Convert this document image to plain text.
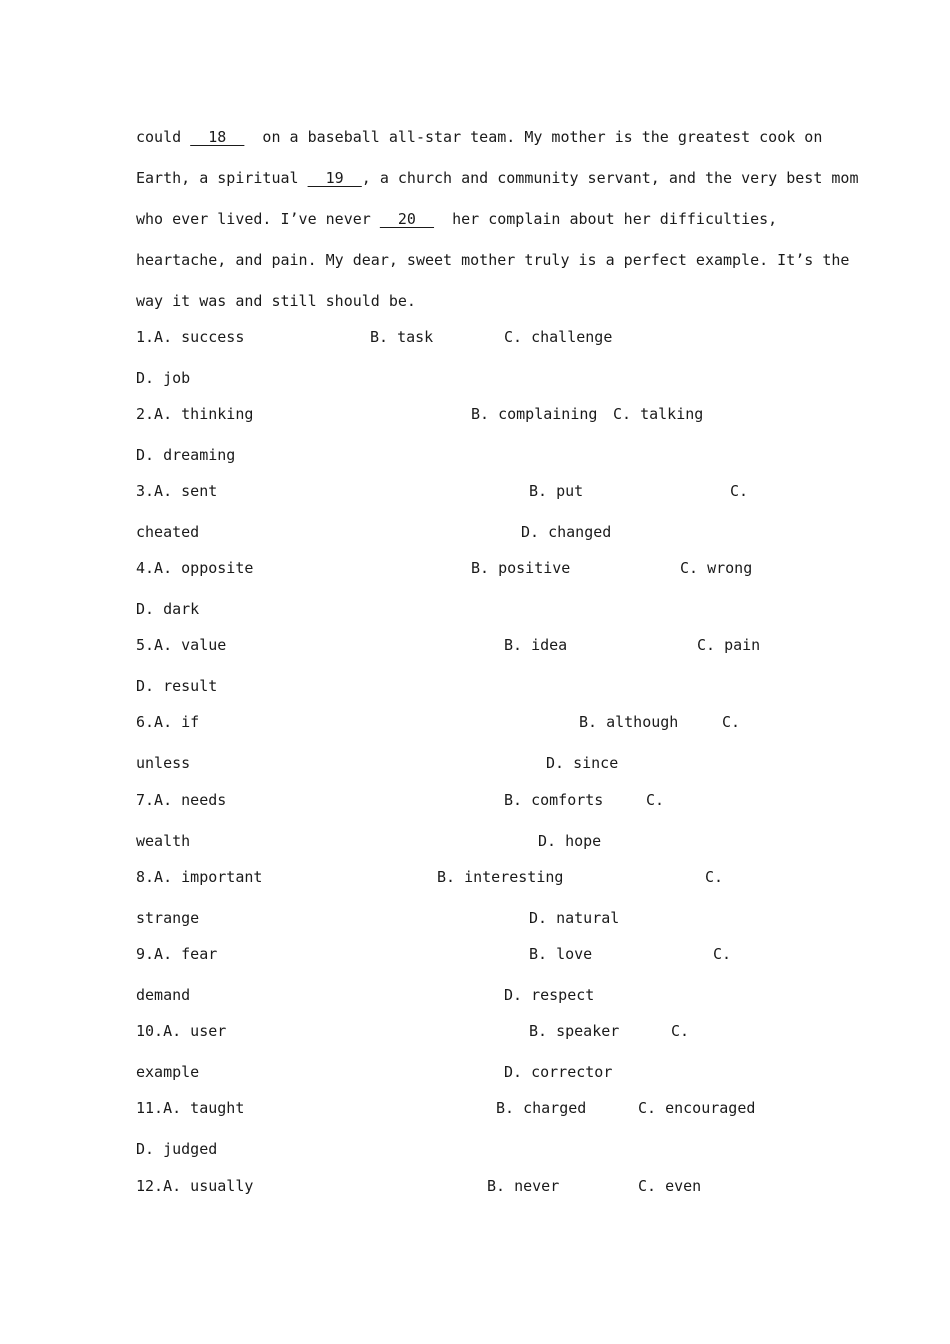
could   18    on a baseball all-star team. My mother is the greatest cook on
Earth, a spiritual   19  , a church and community servant, and the very best mom
who ever lived. I’ve never   20    her complain about her difficulties,
heartache, and pain. My dear, sweet mother truly is a perfect example. It’s the
way it was and still should be.
1.A. success	B. task	C. challenge
D. job
2.A. thinking	B. complaining C. talking
D. dreaming
3.A. sent	B. put	C.
cheated	D. changed
4.A. opposite	B. positive	C. wrong
D. dark
5.A. value	B. idea	C. pain
D. result
6.A. if	B. although	C.
unless	D. since
7.A. needs	B. comforts	C.
wealth	D. hope
8.A. important	B. interesting	C.
strange	D. natural
9.A. fear	B. love	C.
demand	D. respect
10.A. user	B. speaker	C.
example	D. corrector
11.A. taught	B. charged	C. encouraged
D. judged
12.A. usually	B. never	C. even
